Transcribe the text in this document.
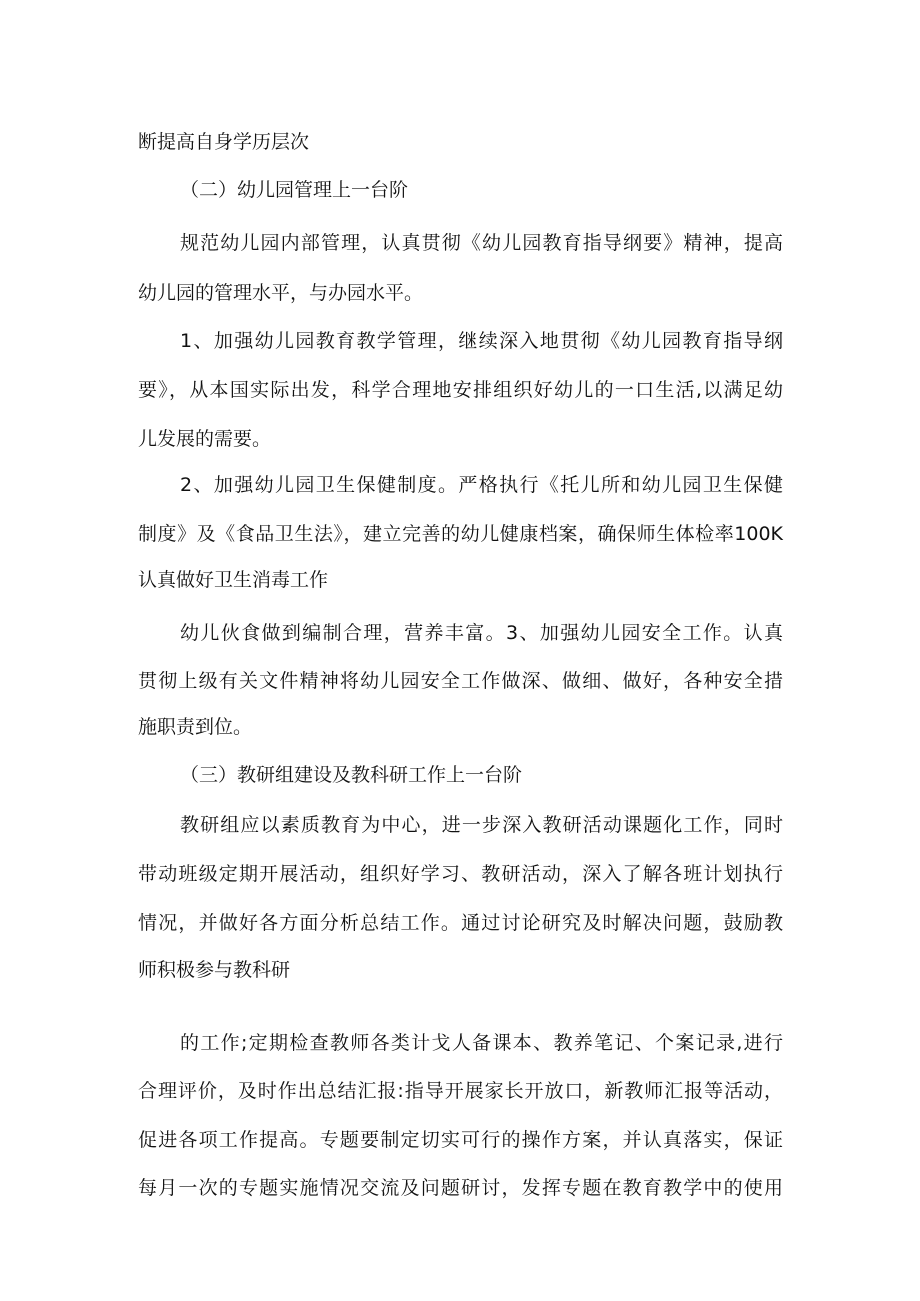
断提高自身学历层次
（二）幼儿园管理上一台阶
规范幼儿园内部管理，认真贯彻《幼儿园教育指导纲要》精神，提高
幼儿园的管理水平，与办园水平。
1、加强幼儿园教育教学管理，继续深入地贯彻《幼儿园教育指导纲
要》，从本国实际出发，科学合理地安排组织好幼儿的一口生活,以满足幼
儿发展的需要。
2、加强幼儿园卫生保健制度。严格执行《托儿所和幼儿园卫生保健
制度》及《食品卫生法》，建立完善的幼儿健康档案，确保师生体检率100K
认真做好卫生消毒工作
幼儿伙食做到编制合理，营养丰富。3、加强幼儿园安全工作。认真
贯彻上级有关文件精神将幼儿园安全工作做深、做细、做好，各种安全措
施职责到位。
（三）教研组建设及教科研工作上一台阶
教研组应以素质教育为中心，进一步深入教研活动课题化工作，同时
带动班级定期开展活动，组织好学习、教研活动，深入了解各班计划执行
情况，并做好各方面分析总结工作。通过讨论研究及时解决问题，鼓励教
师积极参与教科研
的工作;定期检查教师各类计戈人备课本、教养笔记、个案记录,进行
合理评价，及时作出总结汇报:指导开展家长开放口，新教师汇报等活动，
促进各项工作提高。专题要制定切实可行的操作方案，并认真落实，保证
每月一次的专题实施情况交流及问题研讨，发挥专题在教育教学中的使用
